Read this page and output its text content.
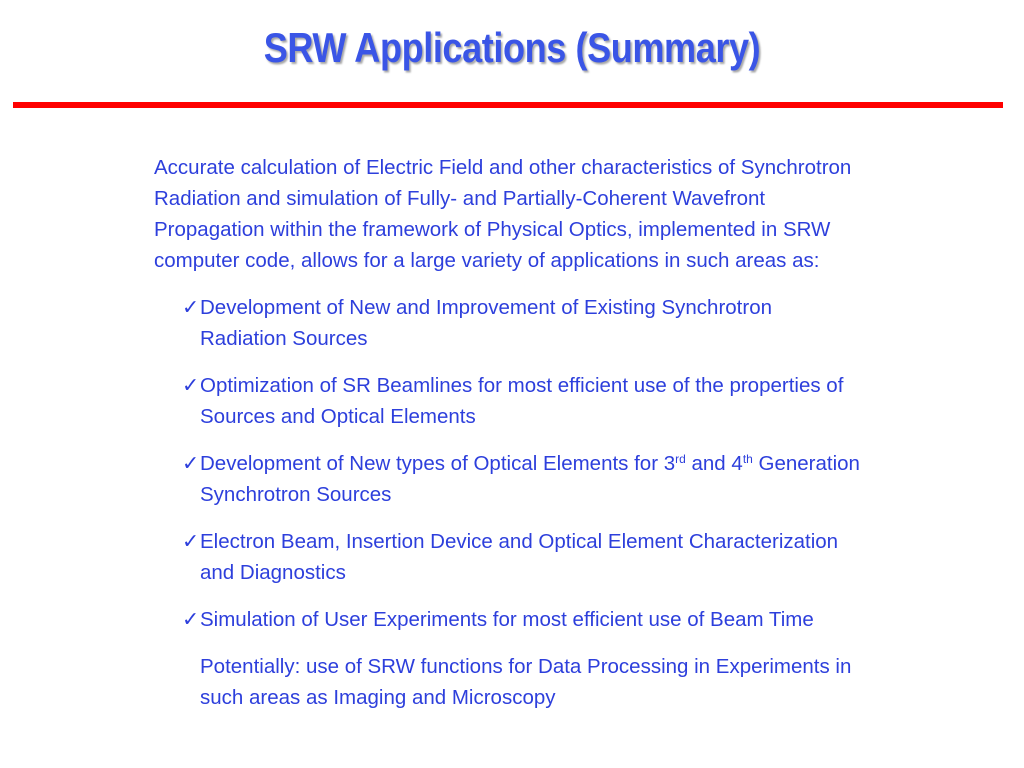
SRW Applications (Summary)
Accurate calculation of Electric Field and other characteristics of Synchrotron
Radiation and simulation of Fully- and Partially-Coherent Wavefront
Propagation within the framework of Physical Optics, implemented in SRW
computer code, allows for a large variety of applications in such areas as:
✓ Development of New and Improvement of Existing Synchrotron
Radiation Sources
✓ Optimization of SR Beamlines for most efficient use of the properties of
Sources and Optical Elements
✓ Development of New types of Optical Elements for 3rd and 4th Generation
Synchrotron Sources
✓ Electron Beam, Insertion Device and Optical Element Characterization
and Diagnostics
✓ Simulation of User Experiments for most efficient use of Beam Time
Potentially: use of SRW functions for Data Processing in Experiments in
such areas as Imaging and Microscopy
